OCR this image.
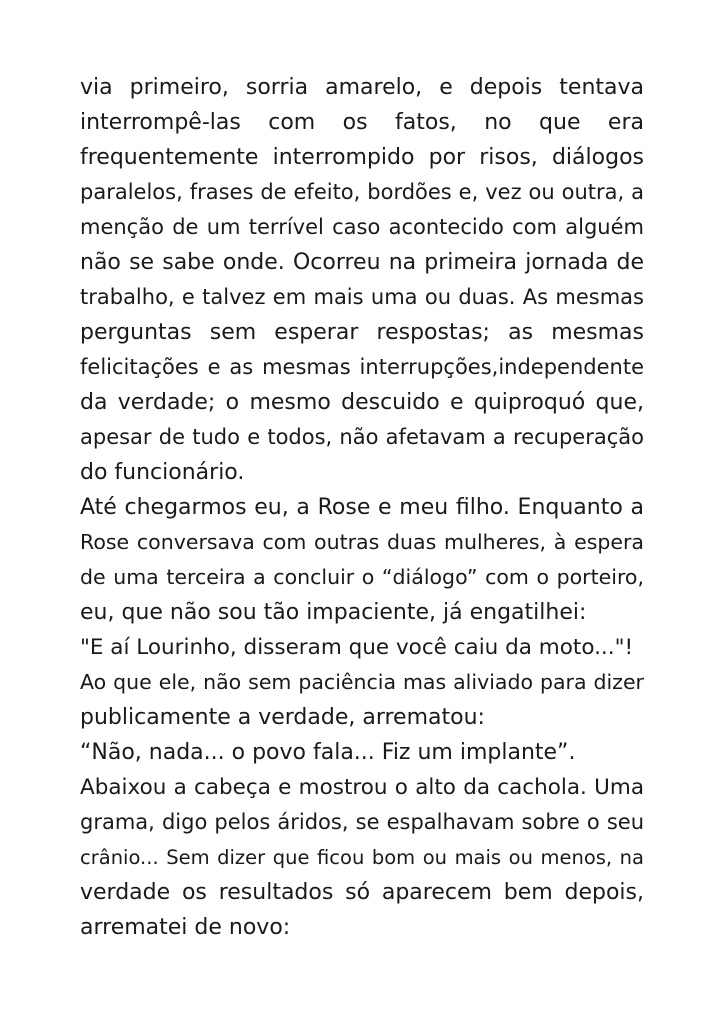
via primeiro, sorria amarelo, e depois tentava
interrompê-las com os fatos, no que era
frequentemente interrompido por risos, diálogos
paralelos, frases de efeito, bordões e, vez ou outra, a
menção de um terrível caso acontecido com alguém
não se sabe onde. Ocorreu na primeira jornada de
trabalho, e talvez em mais uma ou duas. As mesmas
perguntas sem esperar respostas; as mesmas
felicitações e as mesmas interrupções,independente
da verdade; o mesmo descuido e quiproquó que,
apesar de tudo e todos, não afetavam a recuperação
do funcionário.
Até chegarmos eu, a Rose e meu filho. Enquanto a
Rose conversava com outras duas mulheres, à espera
de uma terceira a concluir o “diálogo” com o porteiro,
eu, que não sou tão impaciente, já engatilhei:
"E aí Lourinho, disseram que você caiu da moto..."!
Ao que ele, não sem paciência mas aliviado para dizer
publicamente a verdade, arrematou:
“Não, nada... o povo fala... Fiz um implante”.
Abaixou a cabeça e mostrou o alto da cachola. Uma
grama, digo pelos áridos, se espalhavam sobre o seu
crânio... Sem dizer que ficou bom ou mais ou menos, na
verdade os resultados só aparecem bem depois,
arrematei de novo:
